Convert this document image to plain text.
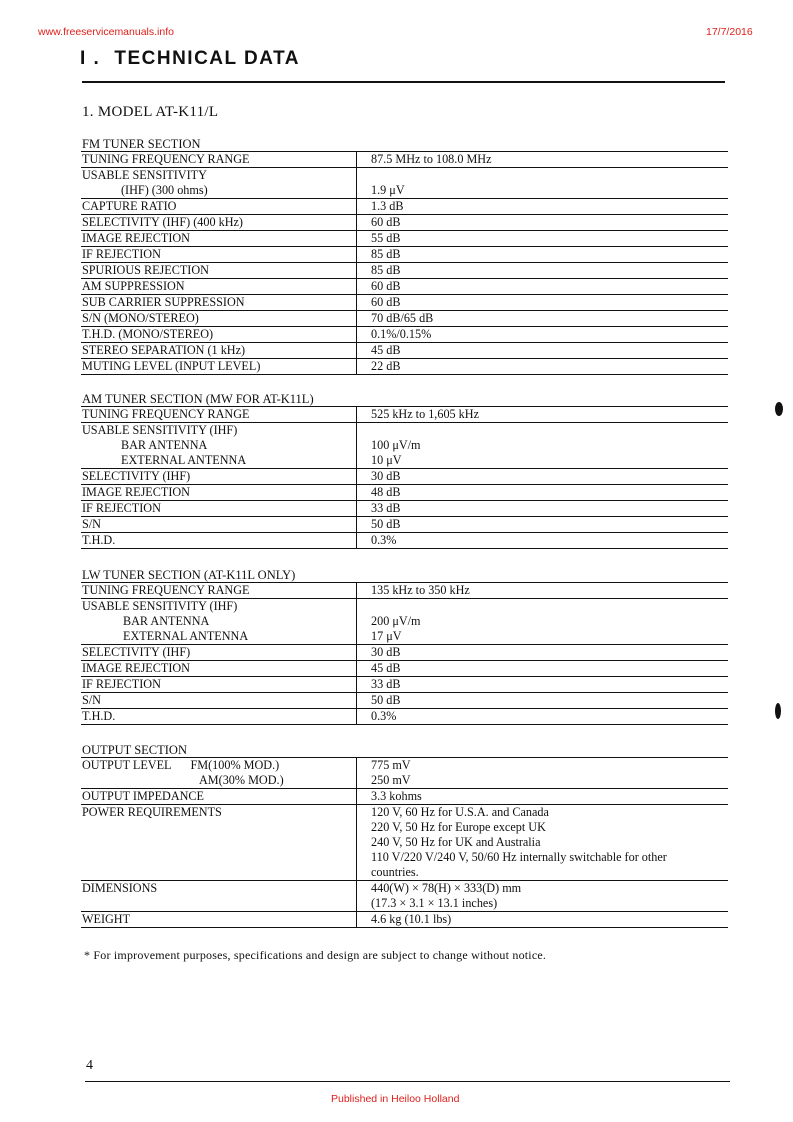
www.freeservicemanuals.info	17/7/2016
I . TECHNICAL DATA
1. MODEL AT-K11/L
FM TUNER SECTION
TUNING FREQUENCY RANGE	87.5 MHz to 108.0 MHz
USABLE SENSITIVITY	
(IHF) (300 ohms)	1.9 μV
CAPTURE RATIO	1.3 dB
SELECTIVITY (IHF) (400 kHz)	60 dB
IMAGE REJECTION	55 dB
IF REJECTION	85 dB
SPURIOUS REJECTION	85 dB
AM SUPPRESSION	60 dB
SUB CARRIER SUPPRESSION	60 dB
S/N (MONO/STEREO)	70 dB/65 dB
T.H.D. (MONO/STEREO)	0.1%/0.15%
STEREO SEPARATION (1 kHz)	45 dB
MUTING LEVEL (INPUT LEVEL)	22 dB
AM TUNER SECTION (MW FOR AT-K11L)
TUNING FREQUENCY RANGE	525 kHz to 1,605 kHz
USABLE SENSITIVITY (IHF)	
BAR ANTENNA	100 μV/m
EXTERNAL ANTENNA	10 μV
SELECTIVITY (IHF)	30 dB
IMAGE REJECTION	48 dB
IF REJECTION	33 dB
S/N	50 dB
T.H.D.	0.3%
LW TUNER SECTION (AT-K11L ONLY)
TUNING FREQUENCY RANGE	135 kHz to 350 kHz
USABLE SENSITIVITY (IHF)	
BAR ANTENNA	200 μV/m
EXTERNAL ANTENNA	17 μV
SELECTIVITY (IHF)	30 dB
IMAGE REJECTION	45 dB
IF REJECTION	33 dB
S/N	50 dB
T.H.D.	0.3%
OUTPUT SECTION
OUTPUT LEVEL FM(100% MOD.)	775 mV
AM(30% MOD.)	250 mV
OUTPUT IMPEDANCE	3.3 kohms
POWER REQUIREMENTS	120 V, 60 Hz for U.S.A. and Canada
	220 V, 50 Hz for Europe except UK
	240 V, 50 Hz for UK and Australia
	110 V/220 V/240 V, 50/60 Hz internally switchable for other
	countries.
DIMENSIONS	440(W) × 78(H) × 333(D) mm
	(17.3 × 3.1 × 13.1 inches)
WEIGHT	4.6 kg (10.1 lbs)
* For improvement purposes, specifications and design are subject to change without notice.
4
Published in Heiloo Holland
